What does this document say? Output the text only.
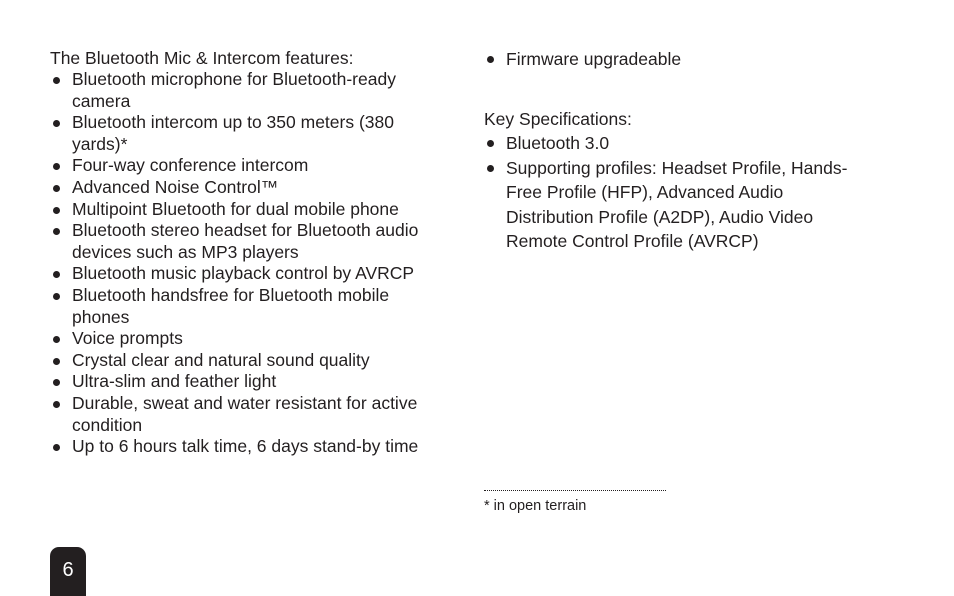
The Bluetooth Mic & Intercom features:

Bluetooth microphone for Bluetooth-ready camera
Bluetooth intercom up to 350 meters (380 yards)*
Four-way conference intercom
Advanced Noise Control™
Multipoint Bluetooth for dual mobile phone
Bluetooth stereo headset for Bluetooth audio devices such as MP3 players
Bluetooth music playback control by AVRCP
Bluetooth handsfree for Bluetooth mobile phones
Voice prompts
Crystal clear and natural sound quality
Ultra-slim and feather light
Durable, sweat and water resistant for active condition
Up to 6 hours talk time, 6 days stand-by time
Firmware upgradeable

Key Specifications:

Bluetooth 3.0
Supporting profiles: Headset Profile, Hands-Free Profile (HFP), Advanced Audio Distribution Profile (A2DP), Audio Video Remote Control Profile (AVRCP)
* in open terrain
6
